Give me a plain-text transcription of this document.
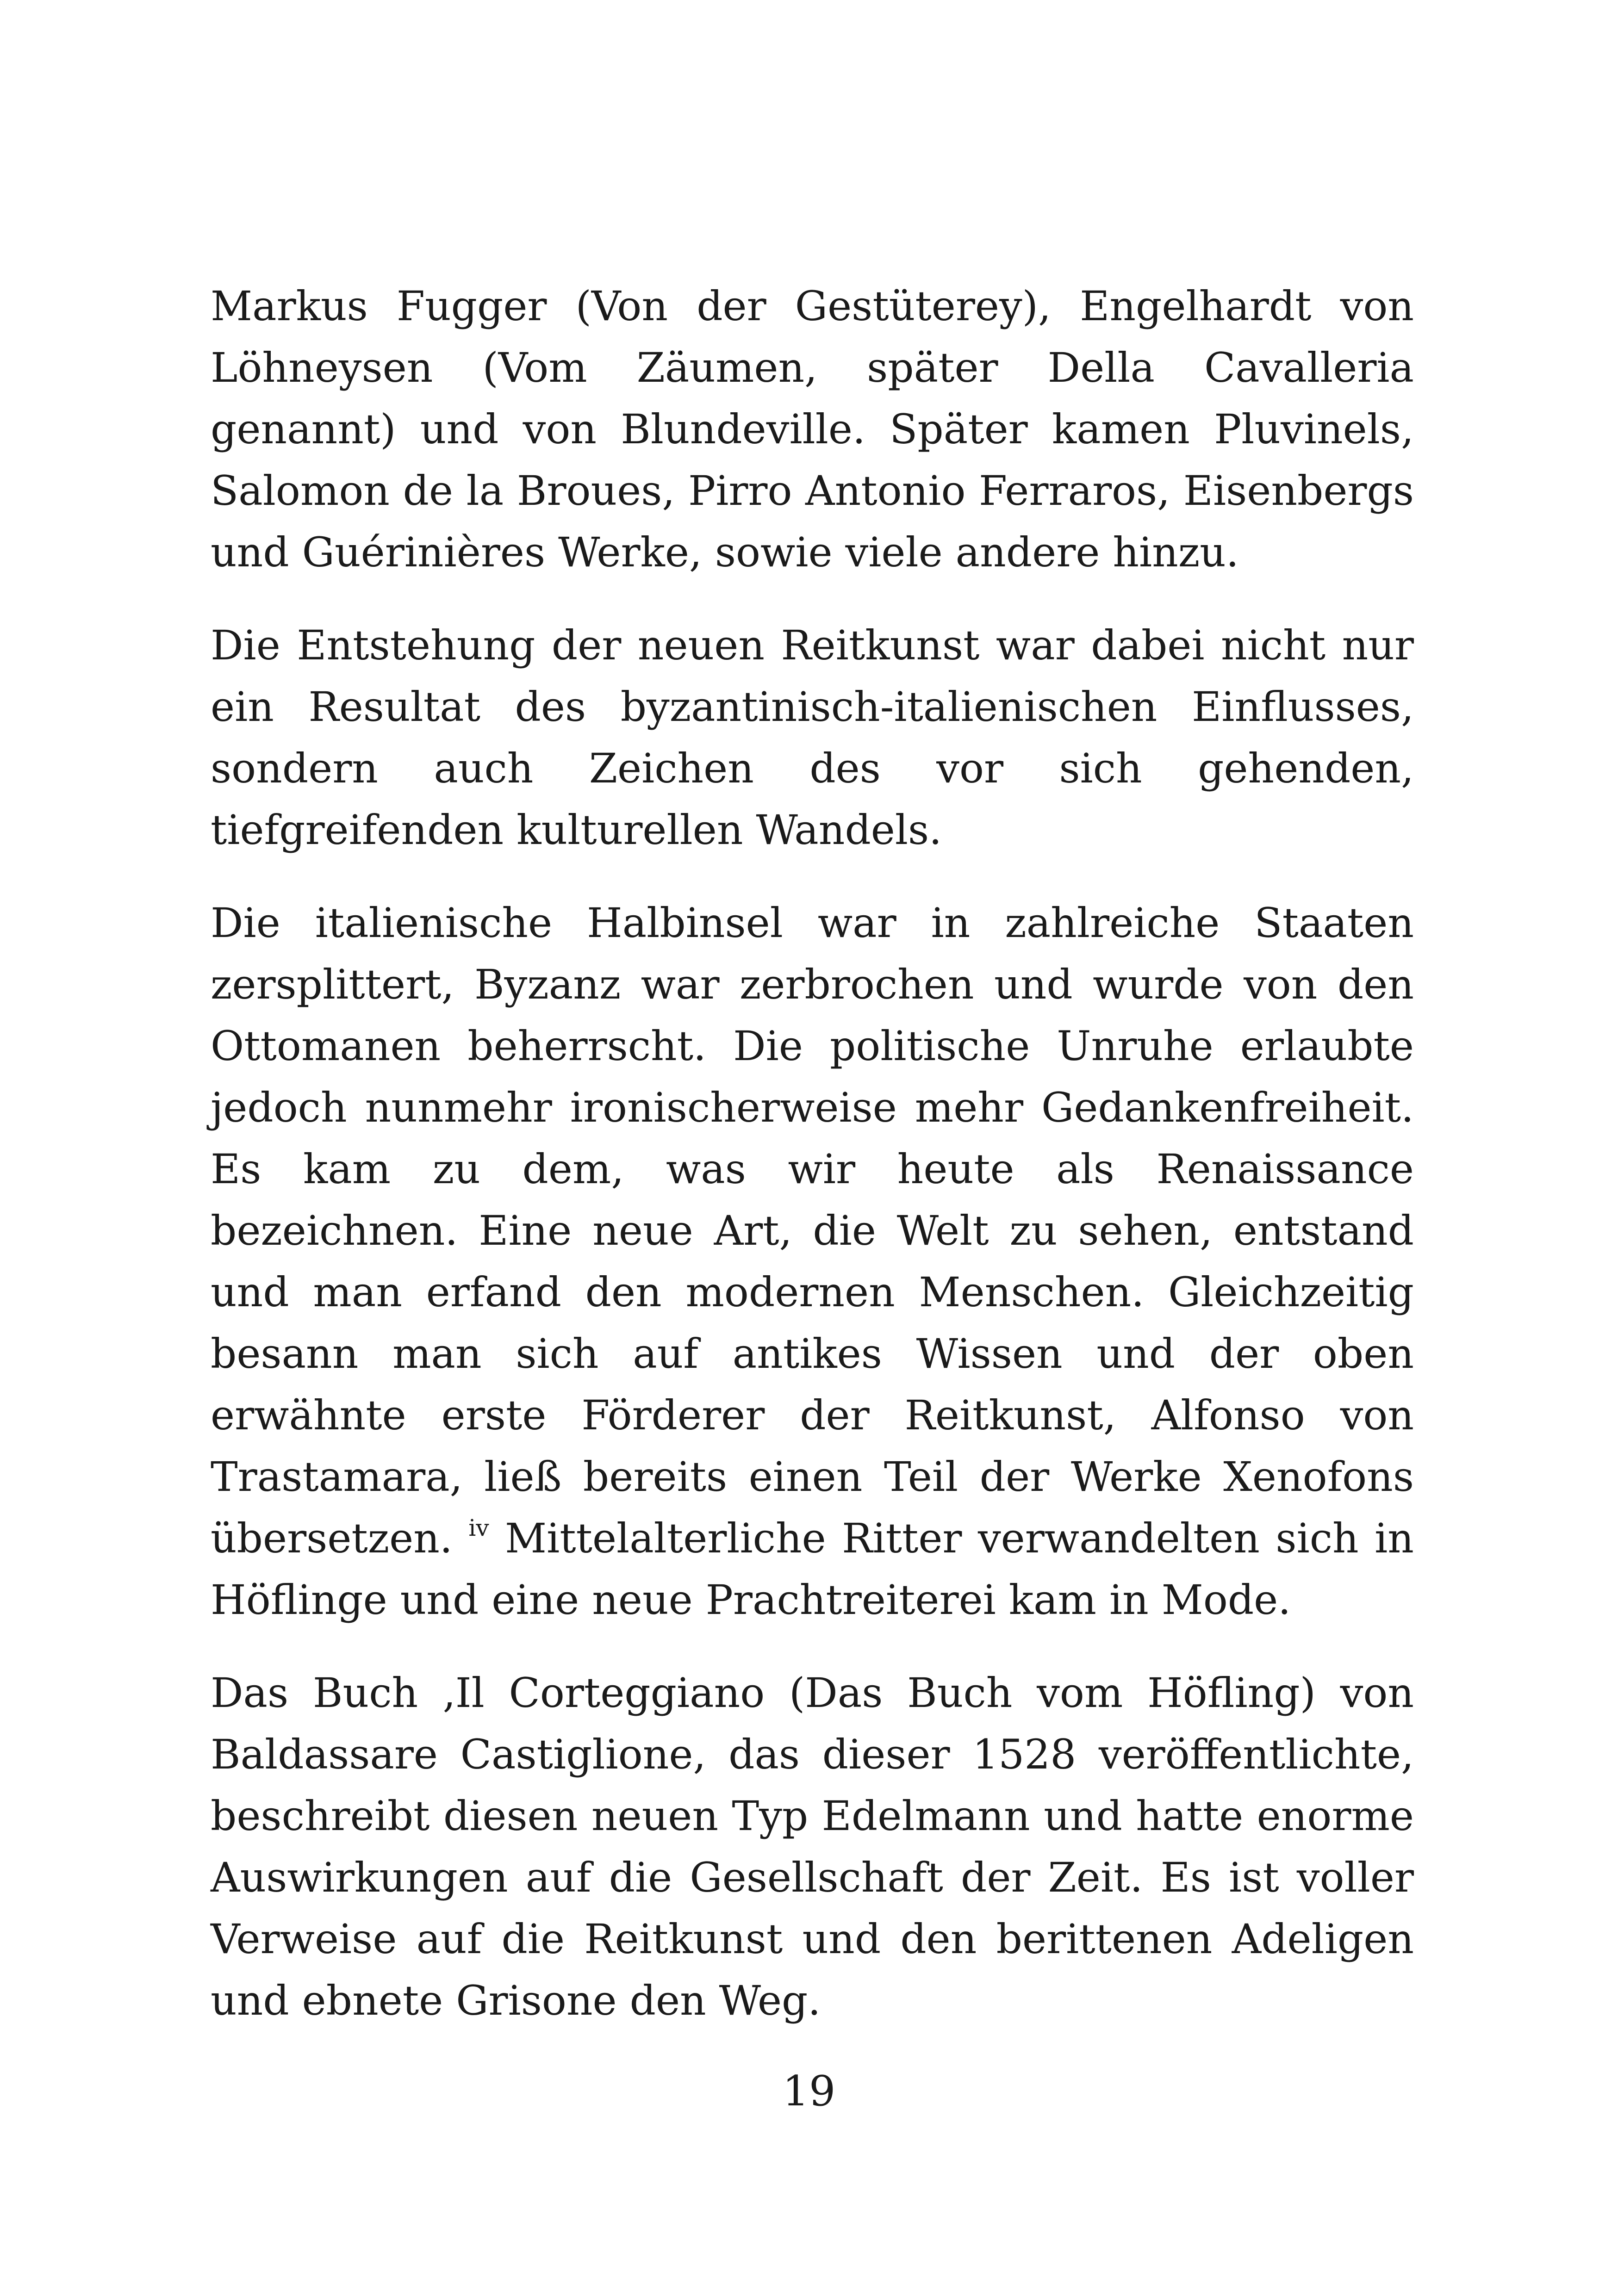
Markus Fugger (Von der Gestüterey), Engelhardt von Löhneysen (Vom Zäumen, später Della Cavalleria genannt) und von Blundeville. Später kamen Pluvinels, Salomon de la Broues, Pirro Antonio Ferraros, Eisenbergs und Guérinières Werke, sowie viele andere hinzu.

Die Entstehung der neuen Reitkunst war dabei nicht nur ein Resultat des byzantinisch-italienischen Einflusses, sondern auch Zeichen des vor sich gehenden, tiefgreifenden kulturellen Wandels.

Die italienische Halbinsel war in zahlreiche Staaten zersplittert, Byzanz war zerbrochen und wurde von den Ottomanen beherrscht. Die politische Unruhe erlaubte jedoch nunmehr ironischerweise mehr Gedankenfreiheit. Es kam zu dem, was wir heute als Renaissance bezeichnen. Eine neue Art, die Welt zu sehen, entstand und man erfand den modernen Menschen. Gleichzeitig besann man sich auf antikes Wissen und der oben erwähnte erste Förderer der Reitkunst, Alfonso von Trastamara, ließ bereits einen Teil der Werke Xenofons übersetzen. $^{iv}$ Mittelalterliche Ritter verwandelten sich in Höflinge und eine neue Prachtreiterei kam in Mode.

Das Buch ‚Il Corteggiano (Das Buch vom Höfling) von Baldassare Castiglione, das dieser 1528 veröffentlichte, beschreibt diesen neuen Typ Edelmann und hatte enorme Auswirkungen auf die Gesellschaft der Zeit. Es ist voller Verweise auf die Reitkunst und den berittenen Adeligen und ebnete Grisone den Weg.

19
